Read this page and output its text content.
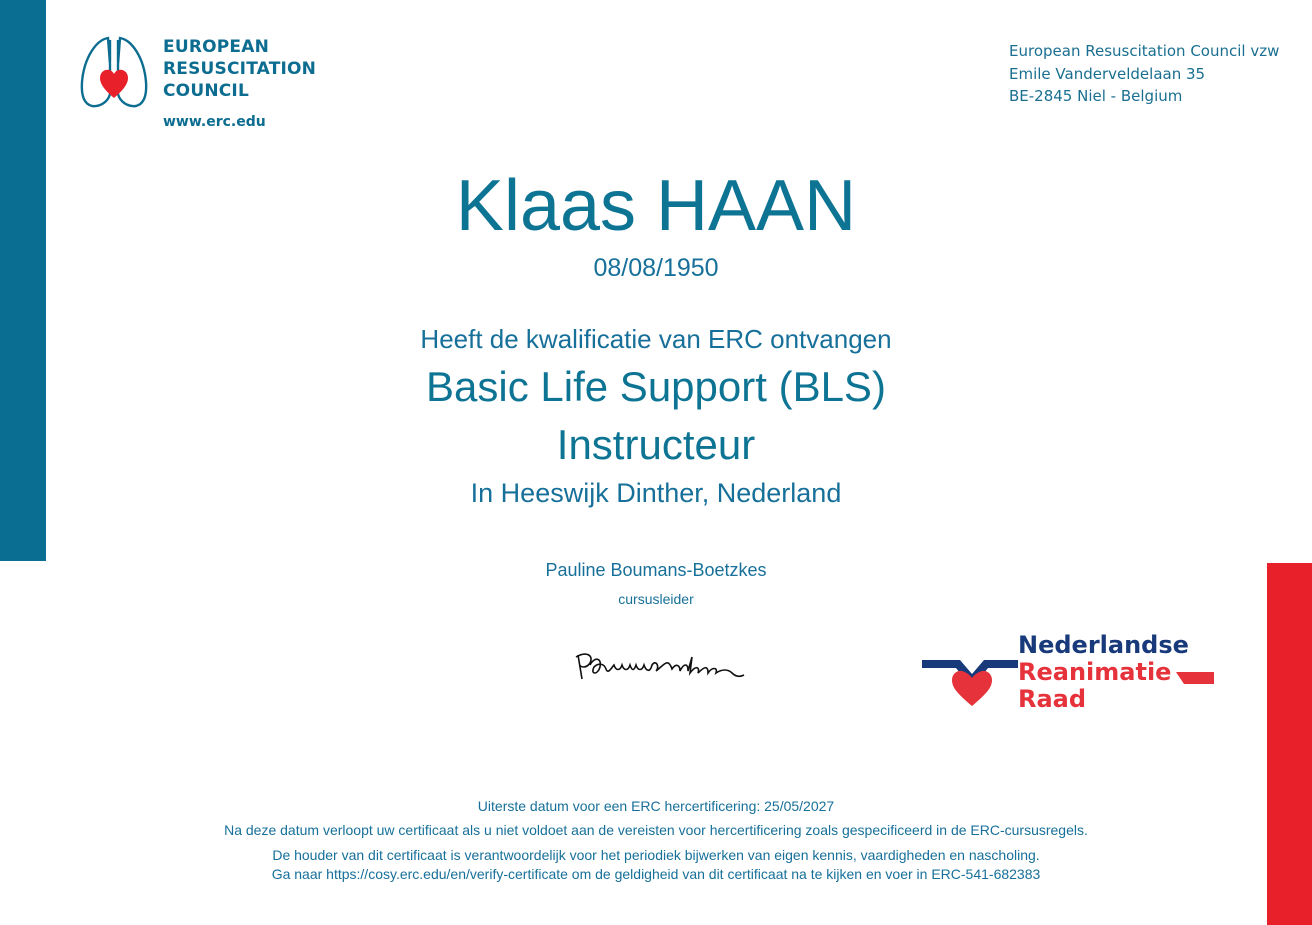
EUROPEAN
RESUSCITATION
COUNCIL
www.erc.edu
European Resuscitation Council vzw
Emile Vanderveldelaan 35
BE-2845 Niel - Belgium
Klaas HAAN
08/08/1950
Heeft de kwalificatie van ERC ontvangen
Basic Life Support (BLS)
Instructeur
In Heeswijk Dinther, Nederland
Pauline Boumans-Boetzkes
cursusleider
Nederlandse
Reanimatie
Raad
Uiterste datum voor een ERC hercertificering: 25/05/2027
Na deze datum verloopt uw certificaat als u niet voldoet aan de vereisten voor hercertificering zoals gespecificeerd in de ERC-cursusregels.
De houder van dit certificaat is verantwoordelijk voor het periodiek bijwerken van eigen kennis, vaardigheden en nascholing.
Ga naar https://cosy.erc.edu/en/verify-certificate om de geldigheid van dit certificaat na te kijken en voer in ERC-541-682383
